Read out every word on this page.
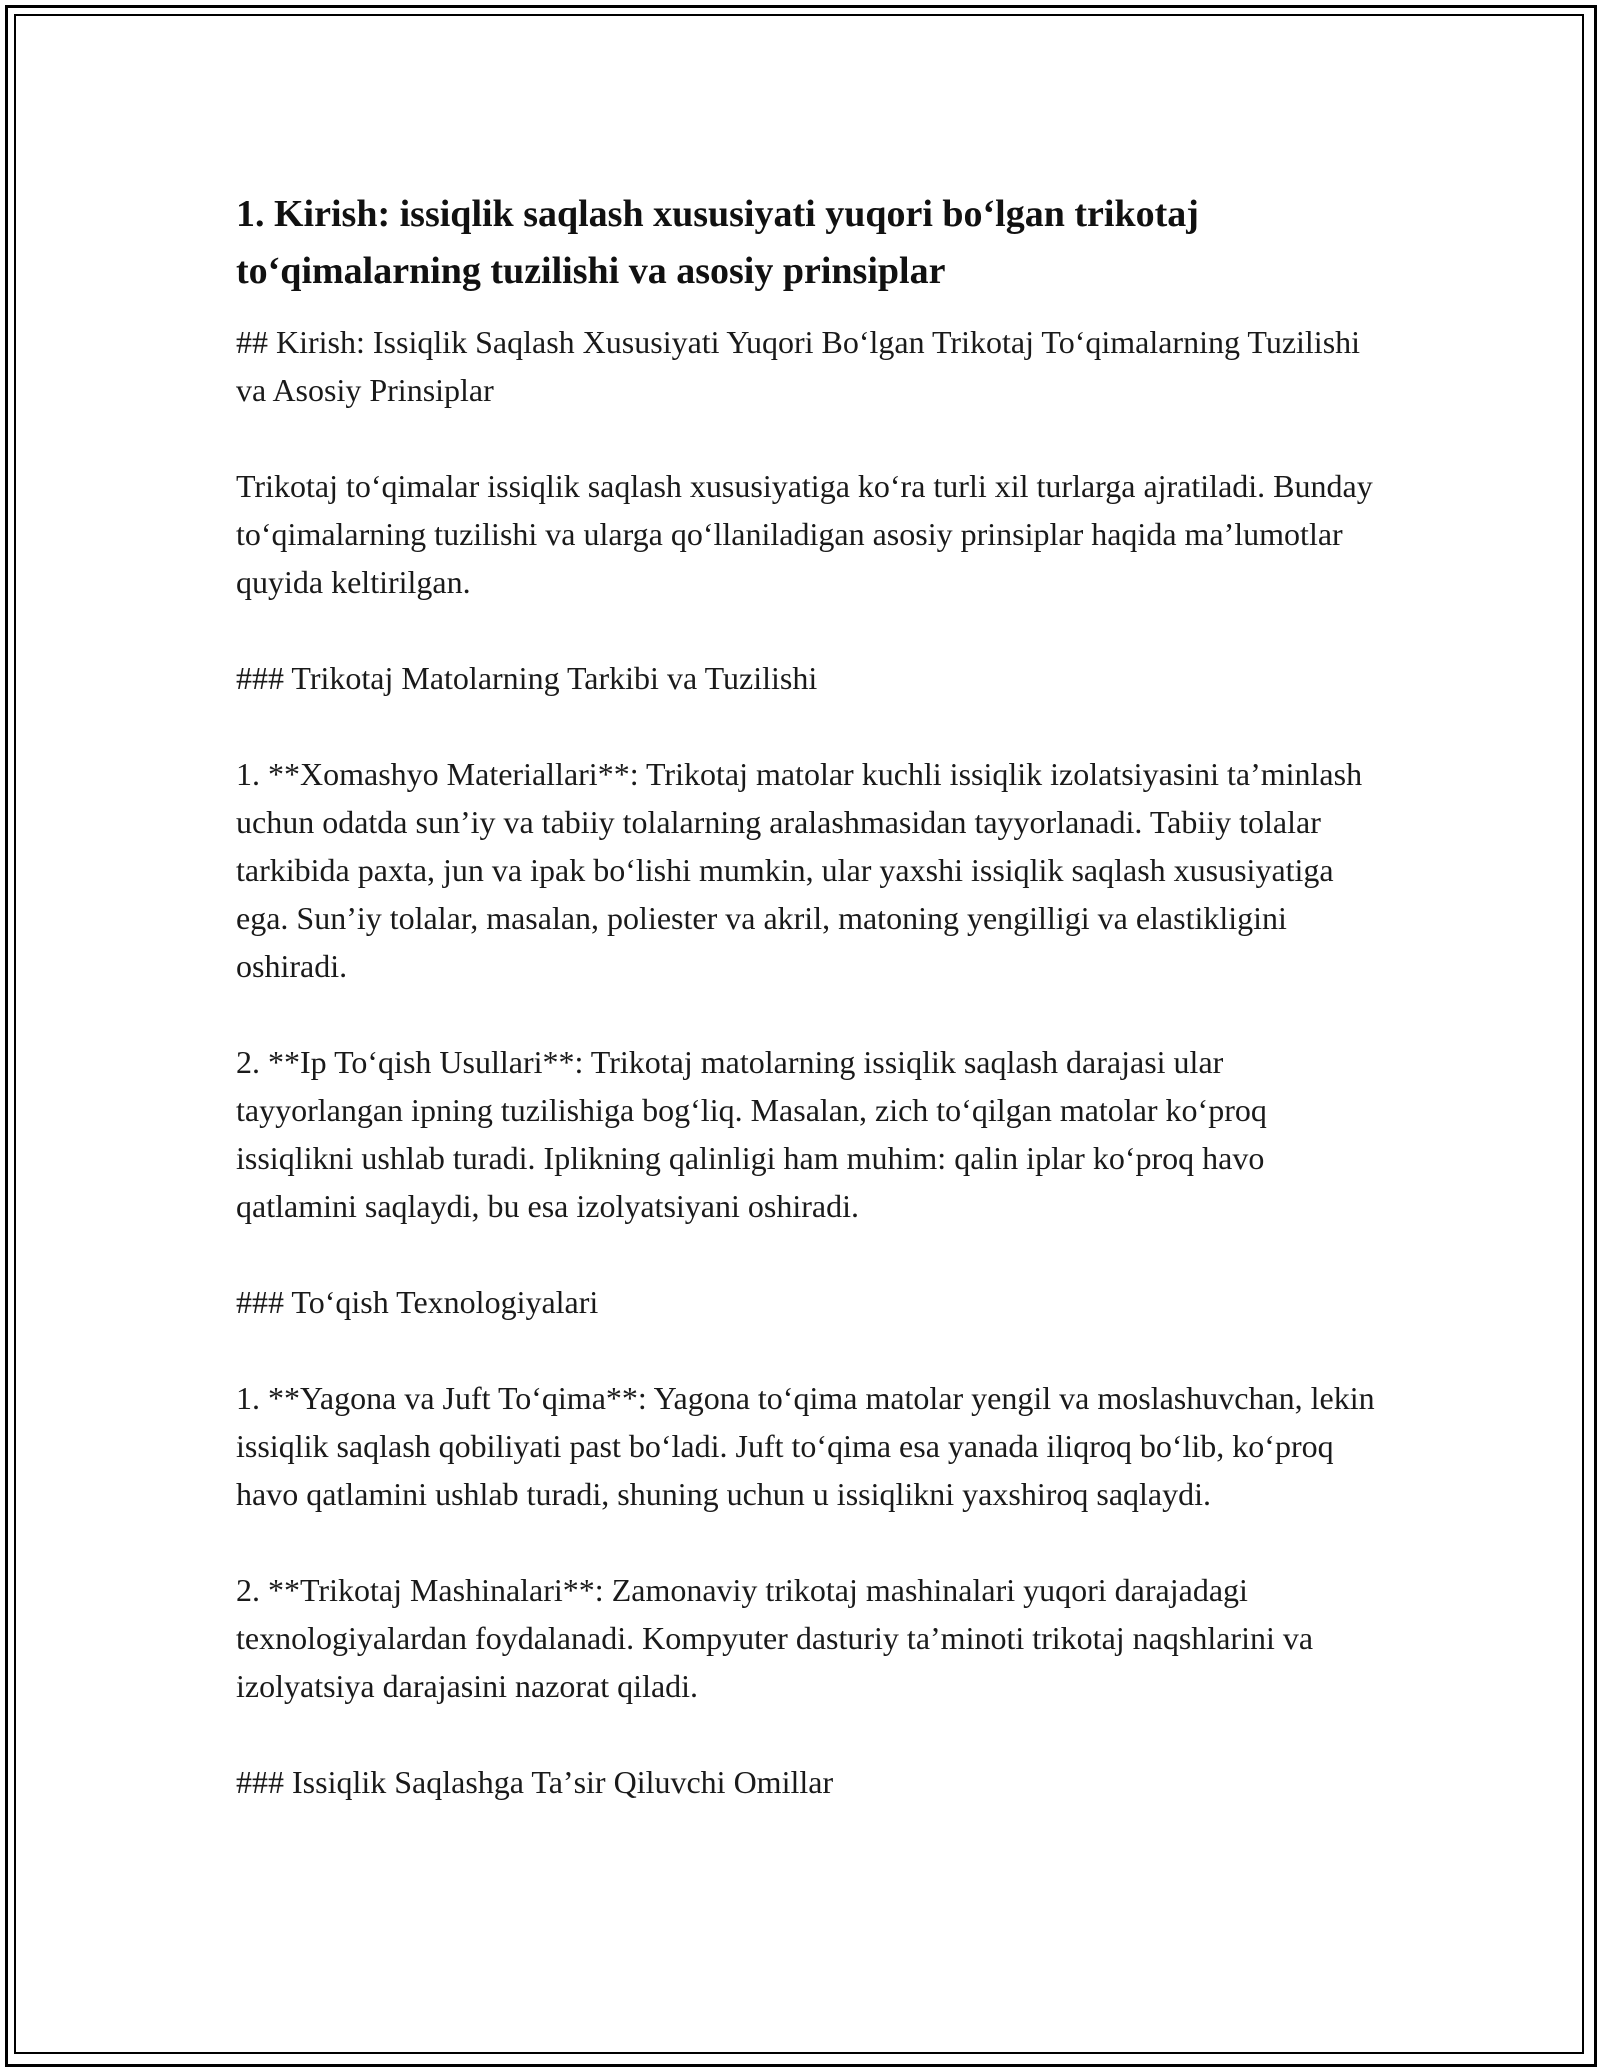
1. Kirish: issiqlik saqlash xususiyati yuqori boʻlgan trikotaj toʻqimalarning tuzilishi va asosiy prinsiplar

## Kirish: Issiqlik Saqlash Xususiyati Yuqori Boʻlgan Trikotaj Toʻqimalarning Tuzilishi va Asosiy Prinsiplar

Trikotaj toʻqimalar issiqlik saqlash xususiyatiga koʻra turli xil turlarga ajratiladi. Bunday toʻqimalarning tuzilishi va ularga qoʻllaniladigan asosiy prinsiplar haqida maʼlumotlar quyida keltirilgan.

### Trikotaj Matolarning Tarkibi va Tuzilishi

1. **Xomashyo Materiallari**: Trikotaj matolar kuchli issiqlik izolatsiyasini taʼminlash uchun odatda sunʼiy va tabiiy tolalarning aralashmasidan tayyorlanadi. Tabiiy tolalar tarkibida paxta, jun va ipak boʻlishi mumkin, ular yaxshi issiqlik saqlash xususiyatiga ega. Sunʼiy tolalar, masalan, poliester va akril, matoning yengilligi va elastikligini oshiradi.

2. **Ip Toʻqish Usullari**: Trikotaj matolarning issiqlik saqlash darajasi ular tayyorlangan ipning tuzilishiga bogʻliq. Masalan, zich toʻqilgan matolar koʻproq issiqlikni ushlab turadi. Iplikning qalinligi ham muhim: qalin iplar koʻproq havo qatlamini saqlaydi, bu esa izolyatsiyani oshiradi.

### Toʻqish Texnologiyalari

1. **Yagona va Juft Toʻqima**: Yagona toʻqima matolar yengil va moslashuvchan, lekin issiqlik saqlash qobiliyati past boʻladi. Juft toʻqima esa yanada iliqroq boʻlib, koʻproq havo qatlamini ushlab turadi, shuning uchun u issiqlikni yaxshiroq saqlaydi.

2. **Trikotaj Mashinalari**: Zamonaviy trikotaj mashinalari yuqori darajadagi texnologiyalardan foydalanadi. Kompyuter dasturiy taʼminoti trikotaj naqshlarini va izolyatsiya darajasini nazorat qiladi.

### Issiqlik Saqlashga Taʼsir Qiluvchi Omillar
